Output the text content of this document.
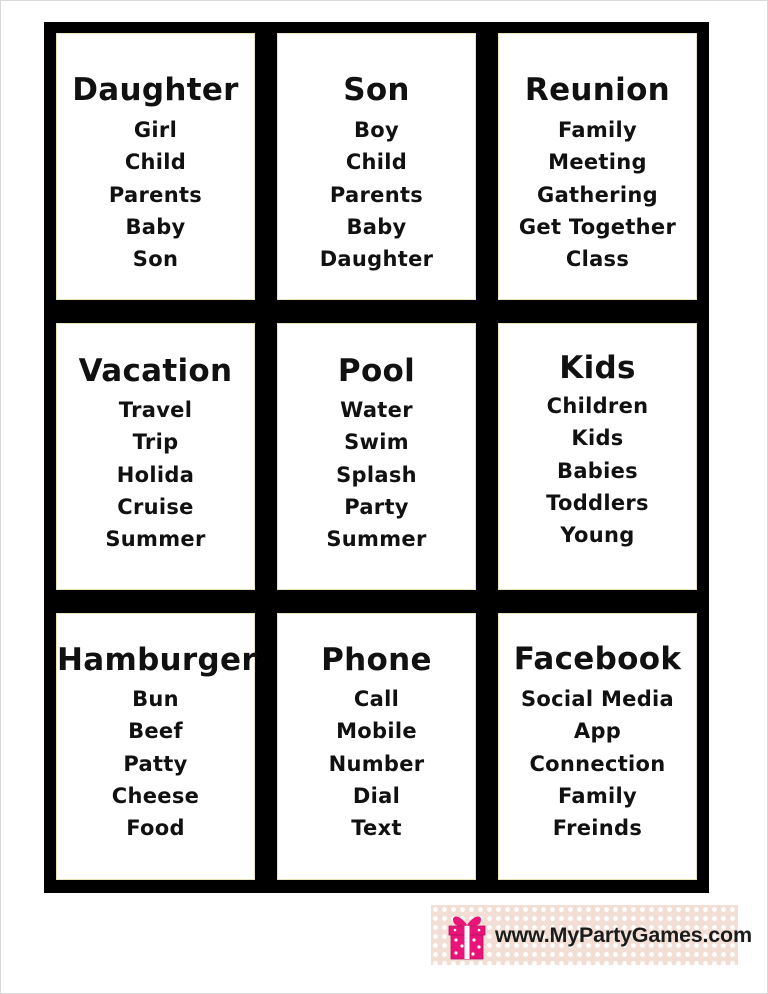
Daughter
Girl
Child
Parents
Baby
Son
Son
Boy
Child
Parents
Baby
Daughter
Reunion
Family
Meeting
Gathering
Get Together
Class
Vacation
Travel
Trip
Holida
Cruise
Summer
Pool
Water
Swim
Splash
Party
Summer
Kids
Children
Kids
Babies
Toddlers
Young
Hamburger
Bun
Beef
Patty
Cheese
Food
Phone
Call
Mobile
Number
Dial
Text
Facebook
Social Media
App
Connection
Family
Freinds
www.MyPartyGames.com
